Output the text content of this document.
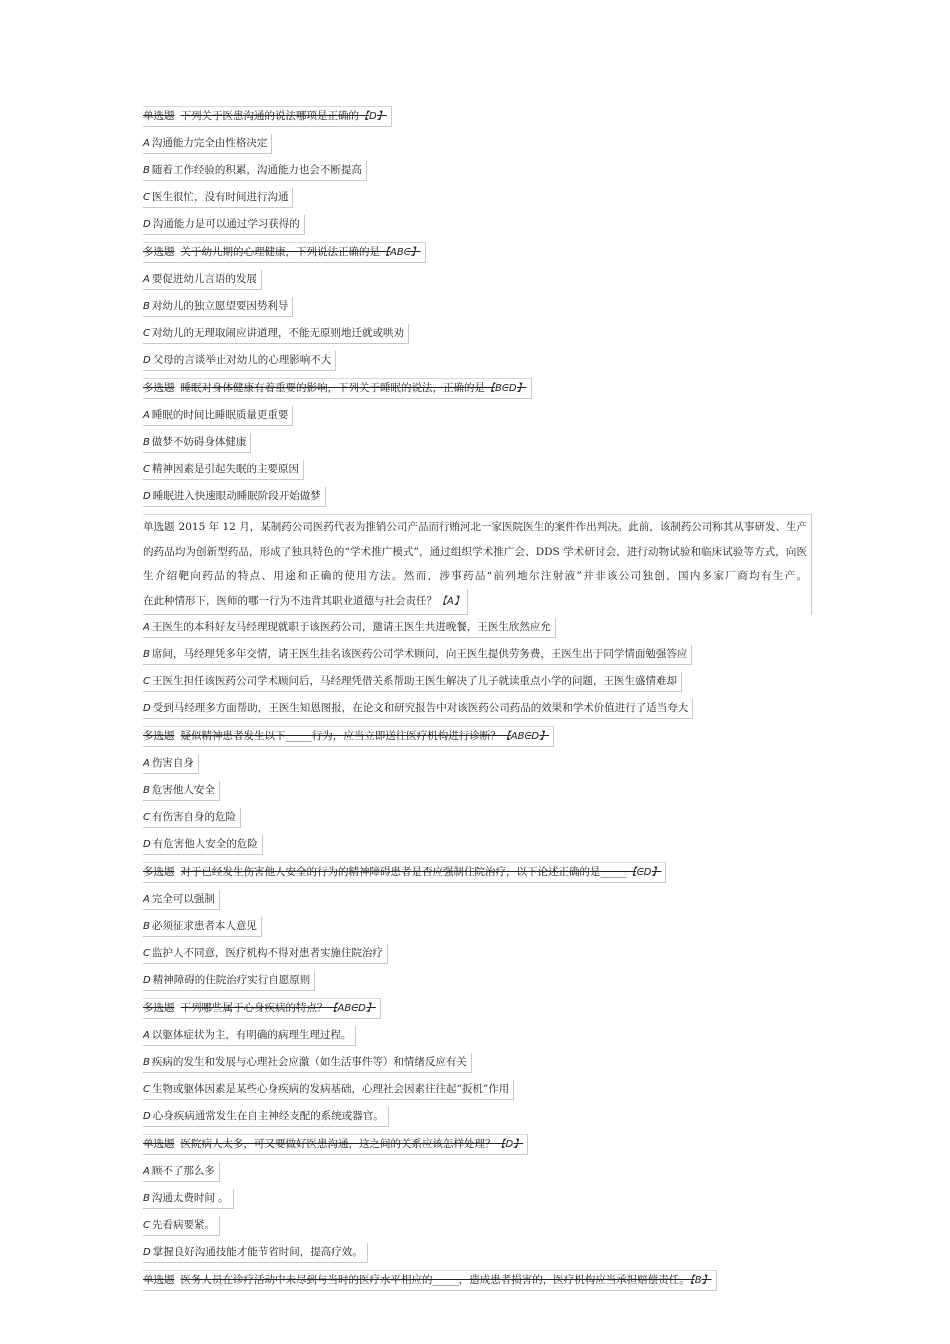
单选题 下列关于医患沟通的说法哪项是正确的【D】
A 沟通能力完全由性格决定
B 随着工作经验的积累，沟通能力也会不断提高
C 医生很忙，没有时间进行沟通
D 沟通能力是可以通过学习获得的
多选题 关于幼儿期的心理健康，下列说法正确的是【ABC】
A 要促进幼儿言语的发展
B 对幼儿的独立愿望要因势利导
C 对幼儿的无理取闹应讲道理，不能无原则地迁就或哄劝
D 父母的言谈举止对幼儿的心理影响不大
多选题 睡眠对身体健康有着重要的影响，下列关于睡眠的说法，正确的是【BCD】
A 睡眠的时间比睡眠质量更重要
B 做梦不妨碍身体健康
C 精神因素是引起失眠的主要原因
D 睡眠进入快速眼动睡眠阶段开始做梦
单选题 2015 年 12 月，某制药公司医药代表为推销公司产品而行贿河北一家医院医生的案件作出判决。此前，该制药公司称其从事研发、生产的药品均为创新型药品，形成了独具特色的“学术推广模式”，通过组织学术推广会、DDS 学术研讨会，进行动物试验和临床试验等方式，向医生介绍靶向药品的特点、用途和正确的使用方法。然而，涉事药品“前列地尔注射液”并非该公司独创，国内多家厂商均有生产。 在此种情形下，医师的哪一行为不违背其职业道德与社会责任？【A】
A 王医生的本科好友马经理现就职于该医药公司，邀请王医生共进晚餐，王医生欣然应允
B 席间，马经理凭多年交情，请王医生挂名该医药公司学术顾问，向王医生提供劳务费，王医生出于同学情面勉强答应
C 王医生担任该医药公司学术顾问后，马经理凭借关系帮助王医生解决了儿子就读重点小学的问题，王医生盛情难却
D 受到马经理多方面帮助，王医生知恩图报，在论文和研究报告中对该医药公司药品的效果和学术价值进行了适当夸大
多选题 疑似精神患者发生以下_____行为，应当立即送往医疗机构进行诊断？【ABCD】
A 伤害自身
B 危害他人安全
C 有伤害自身的危险
D 有危害他人安全的危险
多选题 对于已经发生伤害他人安全的行为的精神障碍患者是否应强制住院治疗，以下论述正确的是_____【CD】
A 完全可以强制
B 必须征求患者本人意见
C 监护人不同意，医疗机构不得对患者实施住院治疗
D 精神障碍的住院治疗实行自愿原则
多选题 下列哪些属于心身疾病的特点？【ABCD】
A 以躯体症状为主，有明确的病理生理过程。
B 疾病的发生和发展与心理社会应激（如生活事件等）和情绪反应有关
C 生物或躯体因素是某些心身疾病的发病基础，心理社会因素往往起“扳机”作用
D 心身疾病通常发生在自主神经支配的系统或器官。
单选题 医院病人太多，可又要做好医患沟通，这之间的关系应该怎样处理？【D】
A 顾不了那么多
B 沟通太费时间 。
C 先看病要紧。
D 掌握良好沟通技能才能节省时间，提高疗效。
单选题 医务人员在诊疗活动中未尽到与当时的医疗水平相应的_____，造成患者损害的，医疗机构应当承担赔偿责任。【B】
